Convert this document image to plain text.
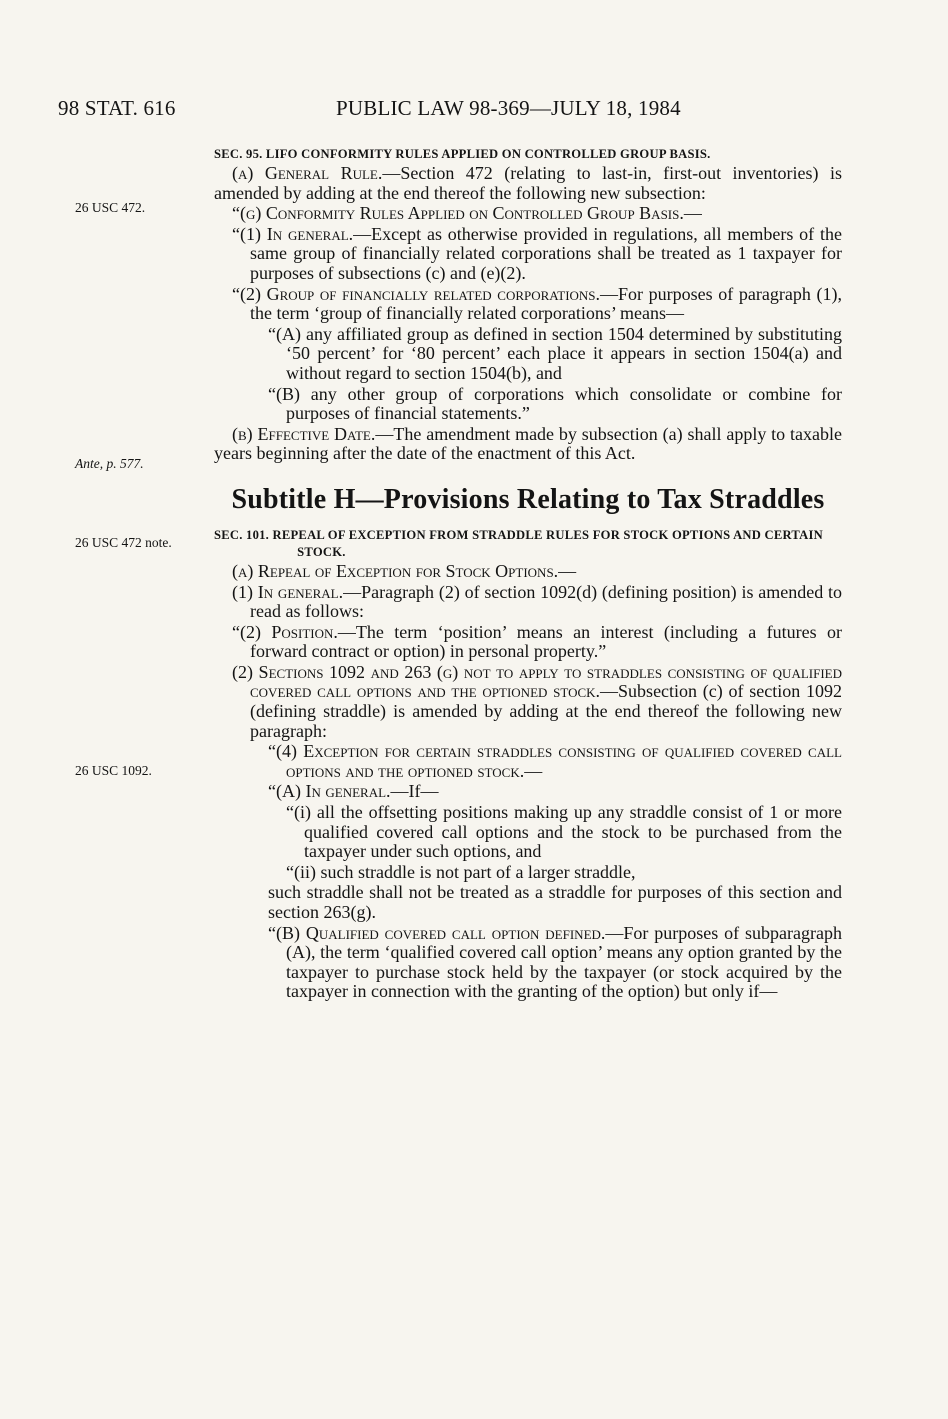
98 STAT. 616	PUBLIC LAW 98-369—JULY 18, 1984
26 USC 472.
Ante, p. 577.
26 USC 472 note.
26 USC 1092.

SEC. 95. LIFO CONFORMITY RULES APPLIED ON CONTROLLED GROUP BASIS.

(a) General Rule.—Section 472 (relating to last-in, first-out inventories) is amended by adding at the end thereof the following new subsection:

“(g) Conformity Rules Applied on Controlled Group Basis.—

“(1) In general.—Except as otherwise provided in regulations, all members of the same group of financially related corporations shall be treated as 1 taxpayer for purposes of subsections (c) and (e)(2).

“(2) Group of financially related corporations.—For purposes of paragraph (1), the term ‘group of financially related corporations’ means—

“(A) any affiliated group as defined in section 1504 determined by substituting ‘50 percent’ for ‘80 percent’ each place it appears in section 1504(a) and without regard to section 1504(b), and

“(B) any other group of corporations which consolidate or combine for purposes of financial statements.”

(b) Effective Date.—The amendment made by subsection (a) shall apply to taxable years beginning after the date of the enactment of this Act.

Subtitle H—Provisions Relating to Tax Straddles

SEC. 101. REPEAL OF EXCEPTION FROM STRADDLE RULES FOR STOCK OPTIONS AND CERTAIN STOCK.

(a) Repeal of Exception for Stock Options.—

(1) In general.—Paragraph (2) of section 1092(d) (defining position) is amended to read as follows:

“(2) Position.—The term ‘position’ means an interest (including a futures or forward contract or option) in personal property.”

(2) Sections 1092 and 263 (g) not to apply to straddles consisting of qualified covered call options and the optioned stock.—Subsection (c) of section 1092 (defining straddle) is amended by adding at the end thereof the following new paragraph:

“(4) Exception for certain straddles consisting of qualified covered call options and the optioned stock.—

“(A) In general.—If—

“(i) all the offsetting positions making up any straddle consist of 1 or more qualified covered call options and the stock to be purchased from the taxpayer under such options, and

“(ii) such straddle is not part of a larger straddle,

such straddle shall not be treated as a straddle for purposes of this section and section 263(g).

“(B) Qualified covered call option defined.—For purposes of subparagraph (A), the term ‘qualified covered call option’ means any option granted by the taxpayer to purchase stock held by the taxpayer (or stock acquired by the taxpayer in connection with the granting of the option) but only if—
